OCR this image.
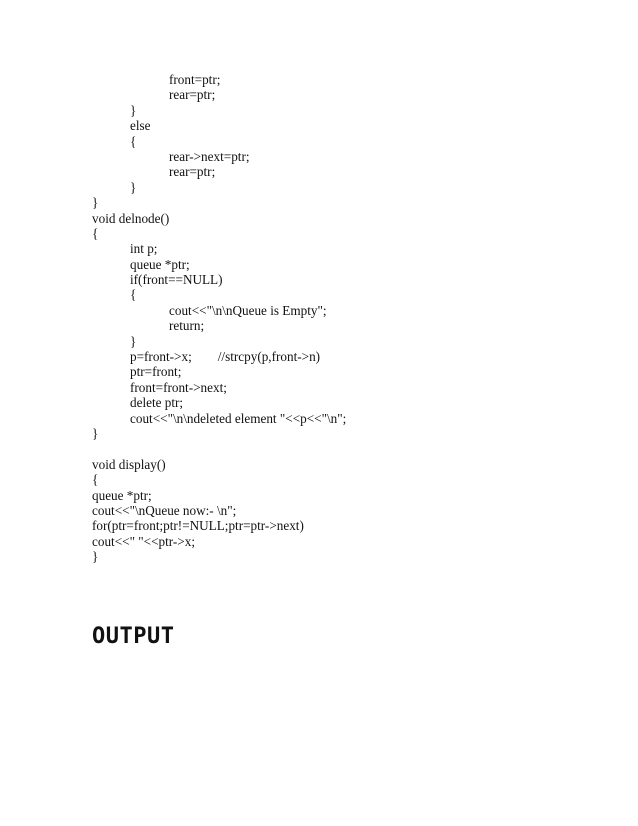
front=ptr;
rear=ptr;
}
else
{
rear->next=ptr;
rear=ptr;
}
}
void delnode()
{
int p;
queue *ptr;
if(front==NULL)
{
cout<<"\n\nQueue is Empty";
return;
}
p=front->x; //strcpy(p,front->n)
ptr=front;
front=front->next;
delete ptr;
cout<<"\n\ndeleted element "<<p<<"\n";
}
void display()
{
queue *ptr;
cout<<"\nQueue now:- \n";
for(ptr=front;ptr!=NULL;ptr=ptr->next)
cout<<" "<<ptr->x;
}
OUTPUT
